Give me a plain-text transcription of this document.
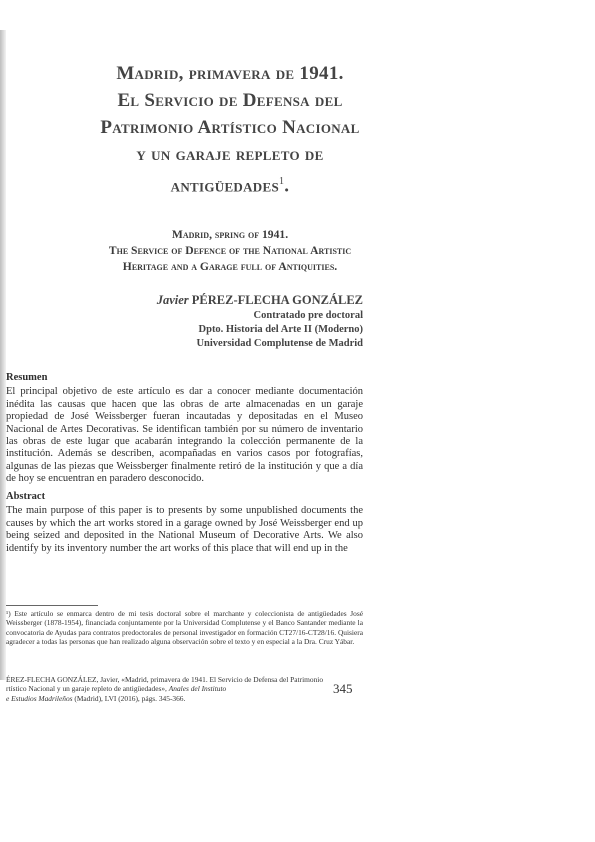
Madrid, primavera de 1941.
El Servicio de Defensa del
Patrimonio Artístico Nacional
y un garaje repleto de
antigüedades$^1$.
Madrid, spring of 1941.
The Service of Defence of the National Artistic
Heritage and a Garage full of Antiquities.
Javier PÉREZ-FLECHA GONZÁLEZ
Contratado pre doctoral
Dpto. Historia del Arte II (Moderno)
Universidad Complutense de Madrid
Resumen
El principal objetivo de este artículo es dar a conocer mediante documentación inédita las causas que hacen que las obras de arte almacenadas en un garaje propiedad de José Weissberger fueran incautadas y depositadas en el Museo Nacional de Artes Decorativas. Se identifican también por su número de inventario las obras de este lugar que acabarán integrando la colección permanente de la institución. Además se describen, acompañadas en varios casos por fotografías, algunas de las piezas que Weissberger finalmente retiró de la institución y que a día de hoy se encuentran en paradero desconocido.
Abstract
The main purpose of this paper is to presents by some unpublished documents the causes by which the art works stored in a garage owned by José Weissberger end up being seized and deposited in the National Museum of Decorative Arts. We also identify by its inventory number the art works of this place that will end up in the
¹) Este artículo se enmarca dentro de mi tesis doctoral sobre el marchante y coleccionista de antigüedades José Weissberger (1878-1954), financiada conjuntamente por la Universidad Complutense y el Banco Santander mediante la convocatoria de Ayudas para contratos predoctorales de personal investigador en formación CT27/16-CT28/16. Quisiera agradecer a todas las personas que han realizado alguna observación sobre el texto y en especial a la Dra. Cruz Yábar.
ÉREZ-FLECHA GONZÁLEZ, Javier, «Madrid, primavera de 1941. El Servicio de Defensa del Patrimonio
rtístico Nacional y un garaje repleto de antigüedades», Anales del Instituto
e Estudios Madrileños (Madrid), LVI (2016), págs. 345-366.
345
